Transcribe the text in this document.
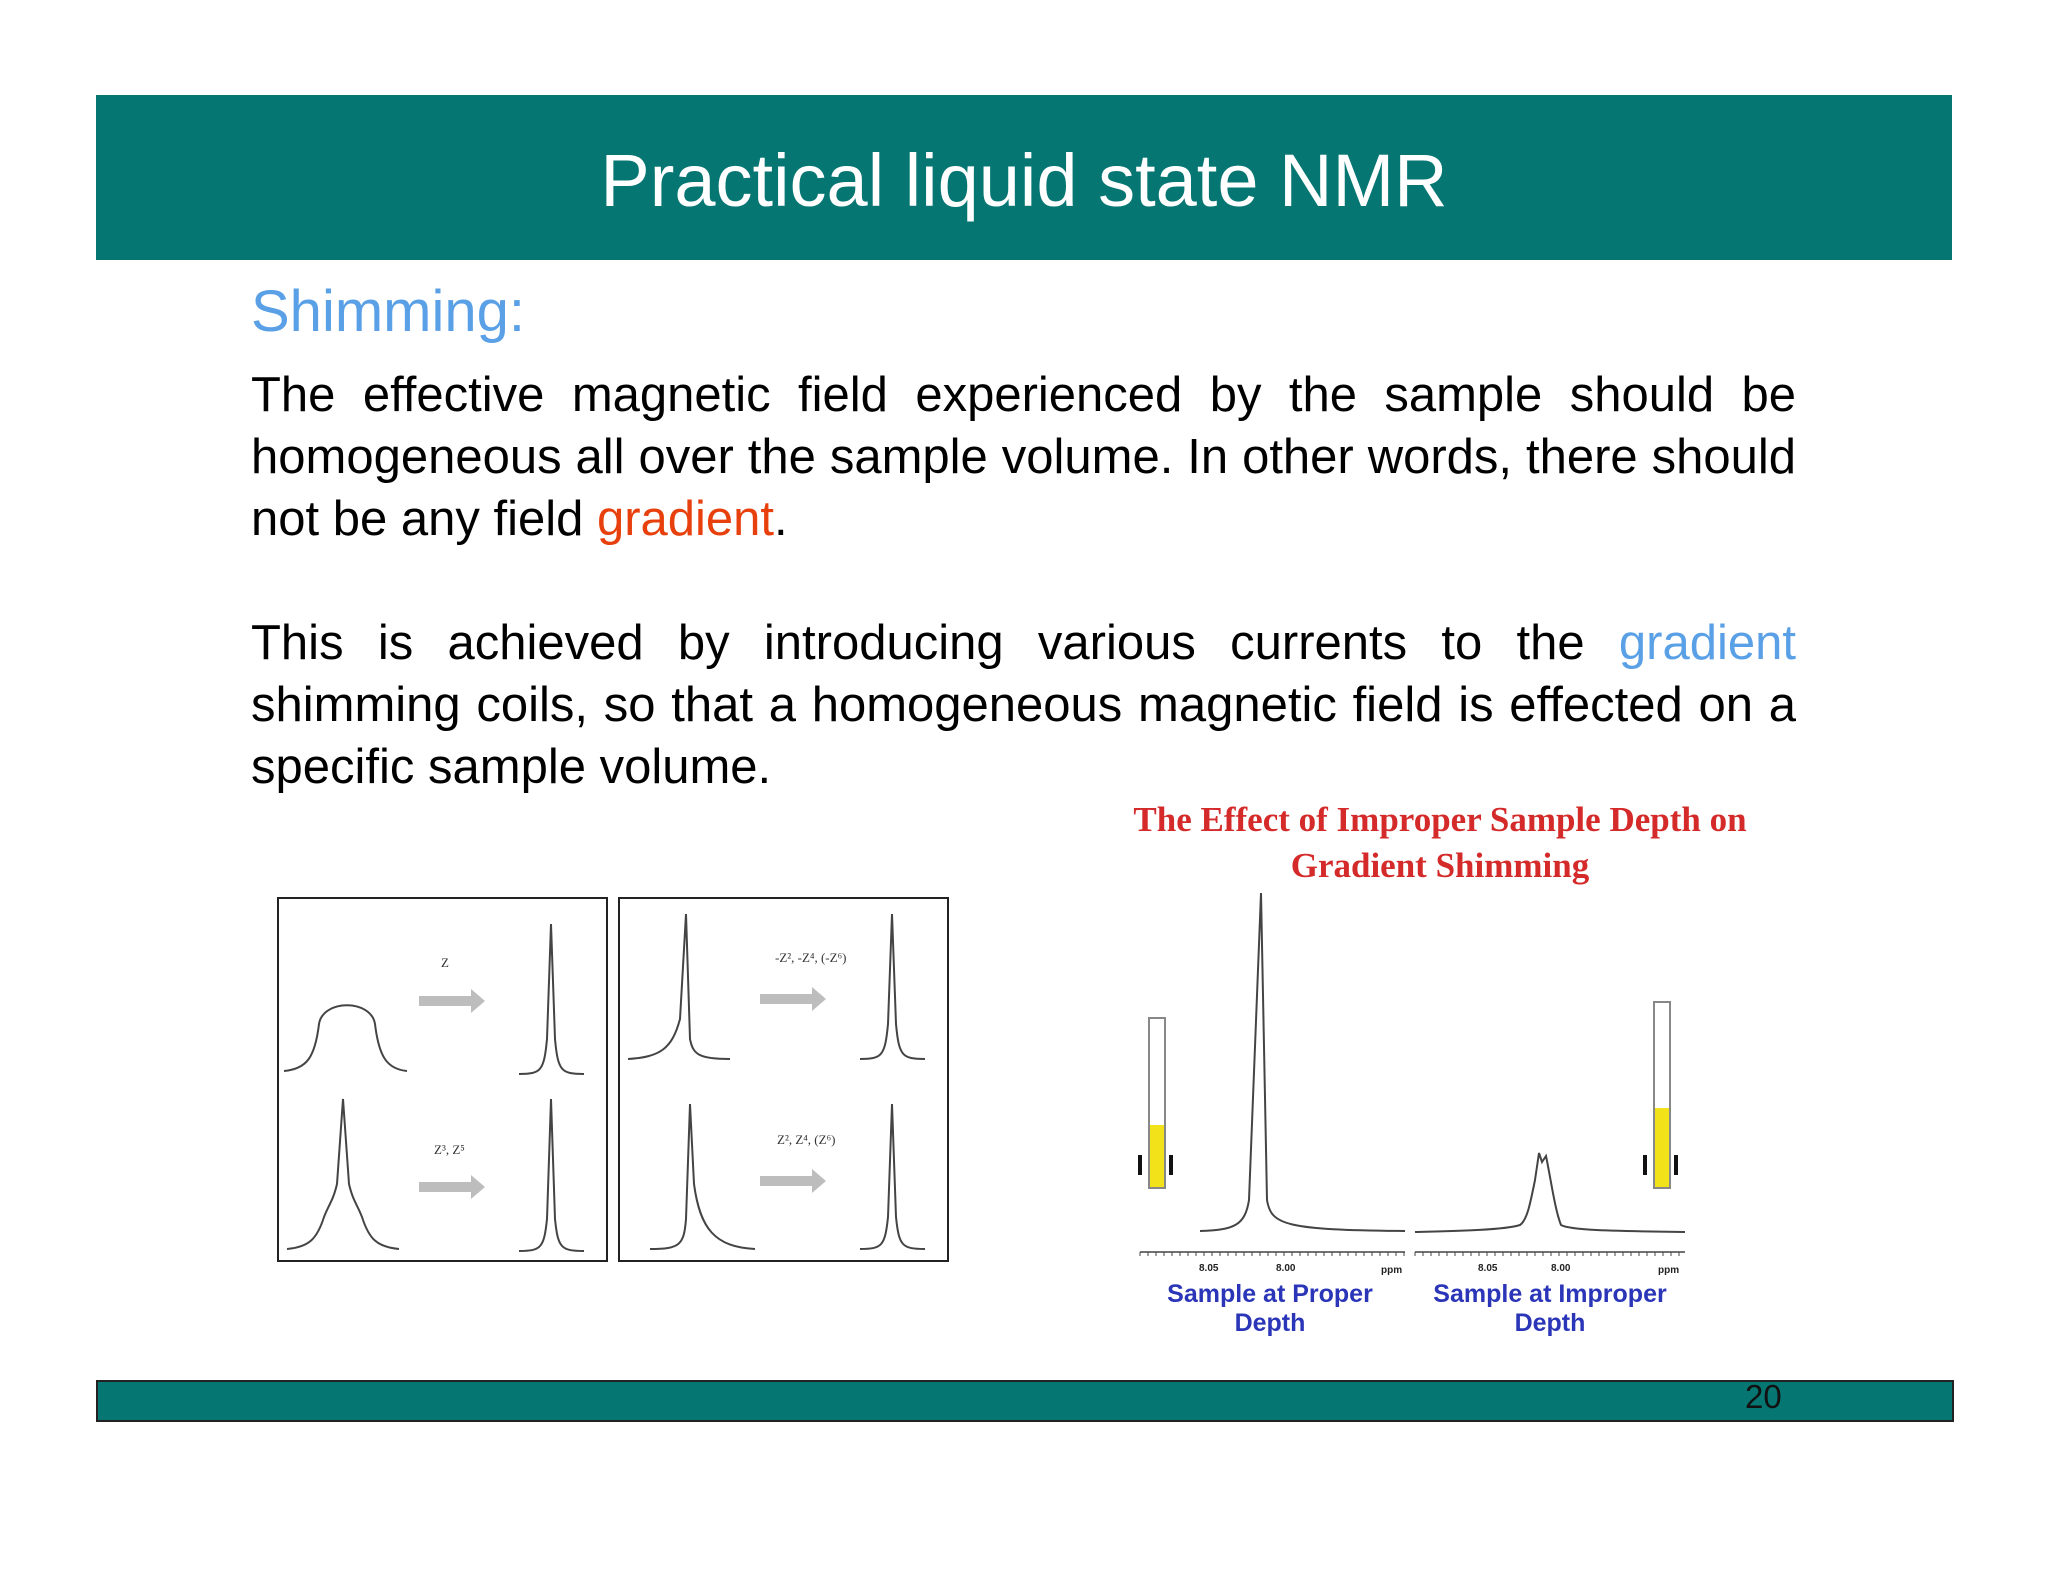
Practical liquid state NMR
Shimming:
The effective magnetic field experienced by the sample should be homogeneous all over the sample volume. In other words, there should not be any field gradient.
This is achieved by introducing various currents to the gradient shimming coils, so that a homogeneous magnetic field is effected on a specific sample volume.
Z
Z³, Z⁵
-Z², -Z⁴, (-Z⁶)
Z², Z⁴, (Z⁶)
The Effect of Improper Sample Depth on
Gradient Shimming
8.05	8.00	ppm	8.05	8.00	ppm
Sample at Proper
Depth
Sample at Improper
Depth
20
